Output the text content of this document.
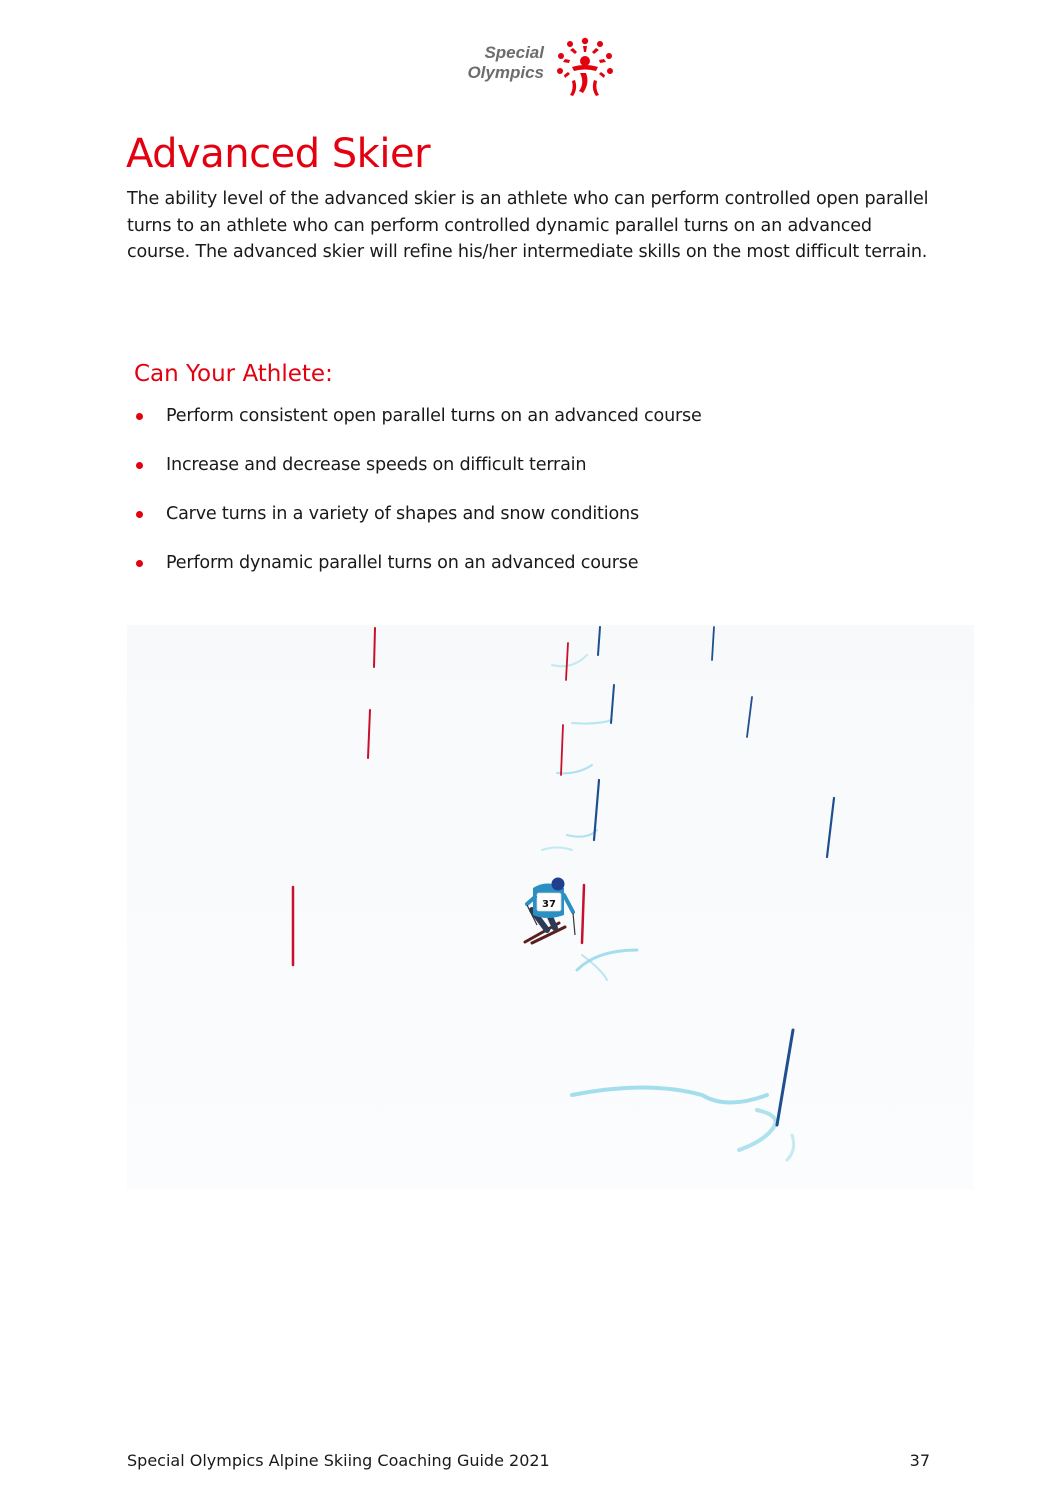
Special
Olympics
Advanced Skier

The ability level of the advanced skier is an athlete who can perform controlled open parallel turns to an athlete who can perform controlled dynamic parallel turns on an advanced course. The advanced skier will refine his/her intermediate skills on the most difficult terrain.

Can Your Athlete:
Perform consistent open parallel turns on an advanced course
Increase and decrease speeds on difficult terrain
Carve turns in a variety of shapes and snow conditions
Perform dynamic parallel turns on an advanced course
37
Special Olympics Alpine Skiing Coaching Guide 2021	37
